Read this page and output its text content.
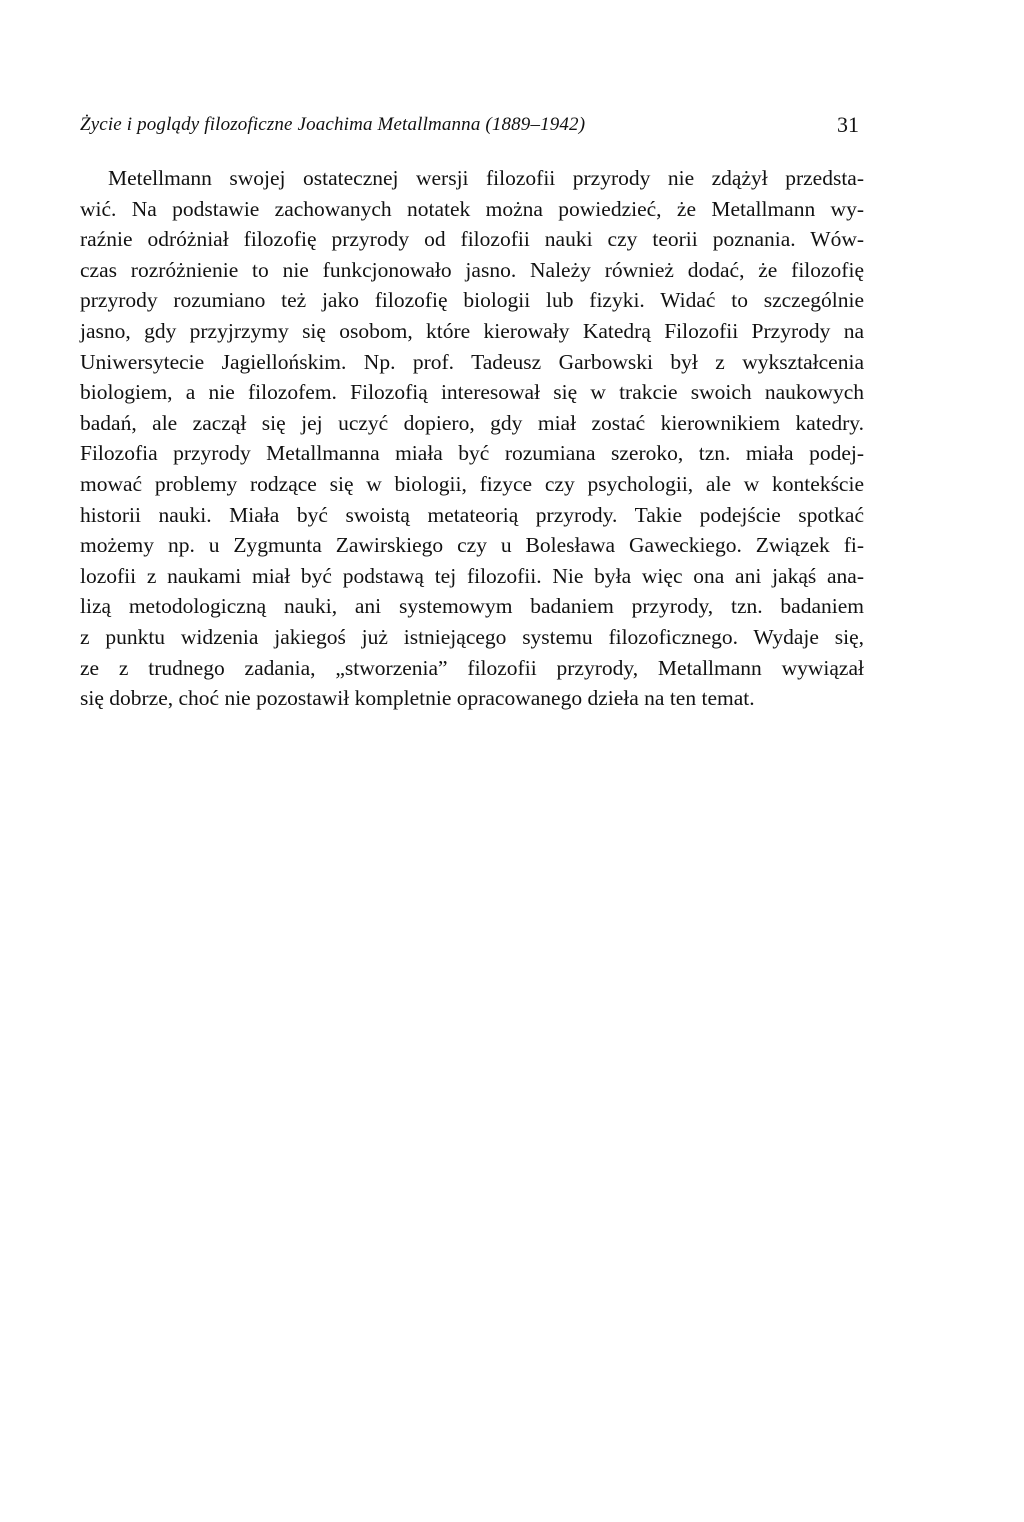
Życie i poglądy filozoficzne Joachima Metallmanna (1889–1942)	31

Metellmann swojej ostatecznej wersji filozofii przyrody nie zdążył przedsta-
wić. Na podstawie zachowanych notatek można powiedzieć, że Metallmann wy-
raźnie odróżniał filozofię przyrody od filozofii nauki czy teorii poznania. Wów-
czas rozróżnienie to nie funkcjonowało jasno. Należy również dodać, że filozofię
przyrody rozumiano też jako filozofię biologii lub fizyki. Widać to szczególnie
jasno, gdy przyjrzymy się osobom, które kierowały Katedrą Filozofii Przyrody na
Uniwersytecie Jagiellońskim. Np. prof. Tadeusz Garbowski był z wykształcenia
biologiem, a nie filozofem. Filozofią interesował się w trakcie swoich naukowych
badań, ale zaczął się jej uczyć dopiero, gdy miał zostać kierownikiem katedry.
Filozofia przyrody Metallmanna miała być rozumiana szeroko, tzn. miała podej-
mować problemy rodzące się w biologii, fizyce czy psychologii, ale w kontekście
historii nauki. Miała być swoistą metateorią przyrody. Takie podejście spotkać
możemy np. u Zygmunta Zawirskiego czy u Bolesława Gaweckiego. Związek fi-
lozofii z naukami miał być podstawą tej filozofii. Nie była więc ona ani jakąś ana-
lizą metodologiczną nauki, ani systemowym badaniem przyrody, tzn. badaniem
z punktu widzenia jakiegoś już istniejącego systemu filozoficznego. Wydaje się,
ze z trudnego zadania, „stworzenia” filozofii przyrody, Metallmann wywiązał
się dobrze, choć nie pozostawił kompletnie opracowanego dzieła na ten temat.
